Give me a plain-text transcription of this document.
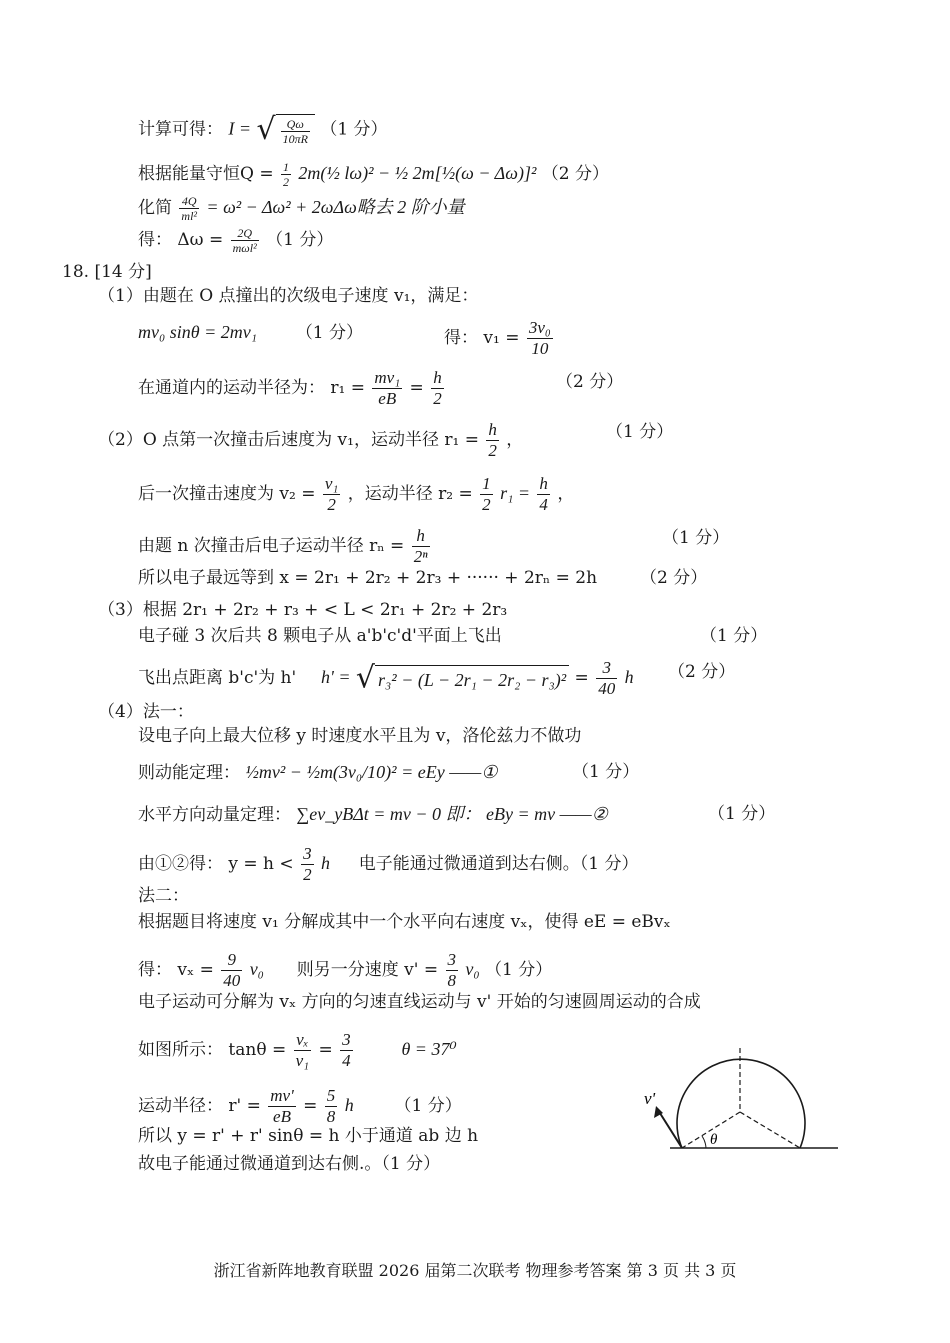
计算可得： I = √ $\frac{Q\omega}{10\pi R} (1$ 分）
根据能量守恒$Q = \frac{1}{2}$ 2m(½ lω)² − ½ 2m[½(ω − Δω)]² （2 分）
化简 $\frac{4Q}{\text{ml²}} = \omega^2 - \Delta\omega^2 + 2\omega\Delta\omega$略去 2 阶小量
得： $\Delta\omega = \frac{2Q}{\text{mωl²}} (1$ 分）
18. [14 分]
（1）由题在 O 点撞出的次级电子速度 v₁，满足：
mv₀ sinθ = 2mv₁ （1 分）	得： $v_1 = \frac{\text{3v₀}}{10}$
在通道内的运动半径为： $r_1 = \frac{\text{mv₁}}{eB} = \frac{h}{2}$	（2 分）
（2）O 点第一次撞击后速度为 v₁，运动半径 $r_1 = \frac{h}{2}$ ，	（1 分）
后一次撞击速度为 $v_2 = \frac{\text{v₁}}{2}$ ，运动半径 $r_2 = \frac{1}{2} r_1 = \frac{h}{4}$ ，
由题 n 次撞击后电子运动半径 $r_n = \frac{h}{\text{2ⁿ}}$	（1 分）
所以电子最远等到 x = 2r₁ + 2r₂ + 2r₃ + ······ + 2rₙ = 2h	（2 分）
（3）根据 2r₁ + 2r₂ + r₃ + < L < 2r₁ + 2r₂ + 2r₃
电子碰 3 次后共 8 颗电子从 a'b'c'd'平面上飞出	（1 分）
飞出点距离 b'c'为 h' h' = √ $r_3^2 - (L - 2r_1 - 2r_2 - r_3)^2 = \frac{3}{40}$ h （2 分）
（4）法一：
设电子向上最大位移 y 时速度水平且为 v，洛伦兹力不做功
则动能定理： ½mv² − ½m(3v₀/10)² = eEy ——①	（1 分）
水平方向动量定理： ∑ev_yBΔt = mv − 0 即： eBy = mv ——②	（1 分）
由①②得： $y = h < \frac{3}{2}$ h 电子能通过微通道到达右侧。（1 分）
法二：
根据题目将速度 v₁ 分解成其中一个水平向右速度 vₓ，使得 eE = eBvₓ
得： $v_x = \frac{9}{40} v_0$ 则另一分速度 $v' = \frac{3}{8} v_0$ （1 分）
电子运动可分解为 vₓ 方向的匀速直线运动与 v' 开始的匀速圆周运动的合成
如图所示： $\tan\theta = \frac{\text{vₓ}}{\text{v₁}} = \frac{3}{4}$	θ = 37⁰
运动半径： $r' = \frac{mv'}{eB} = \frac{5}{8}$ h （1 分）
所以 y = r' + r' sinθ = h 小于通道 ab 边 h
故电子能通过微通道到达右侧.。（1 分）
v'
θ
浙江省新阵地教育联盟 2026 届第二次联考 物理参考答案 第 3 页 共 3 页
